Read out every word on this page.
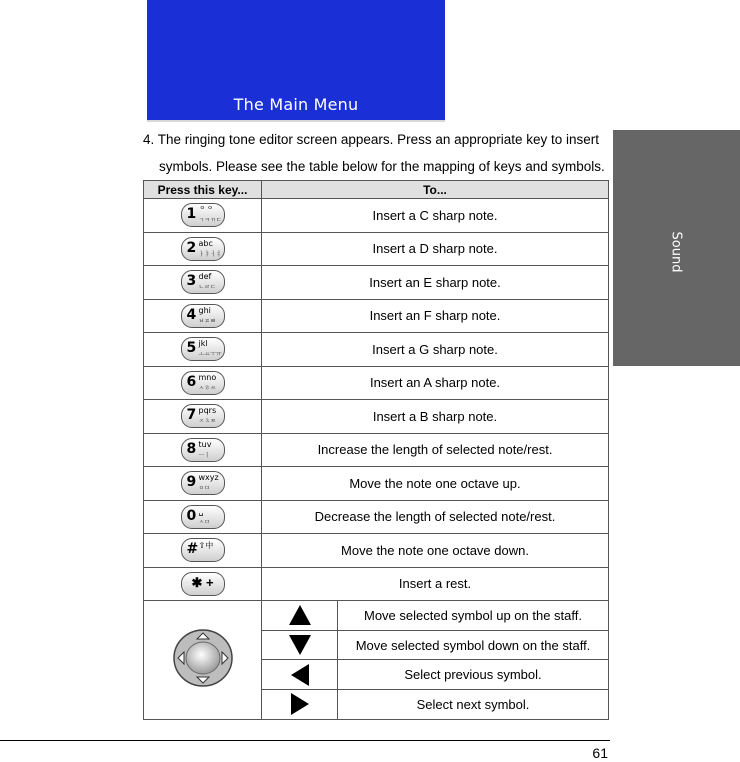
The Main Menu
Sound
4. The ringing tone editor screen appears. Press an appropriate key to insert
symbols. Please see the table below for the mapping of keys and symbols.
Press this key...	To...	

1 ᄋᄋ
ㄱㅋㄲㄷ	Insert a C sharp note.	

2 abc
ㅏㅑㅓㅕ	Insert a D sharp note.	

3 def
ㄴㄹㄷ	Insert an E sharp note.	

4 ghi
ㅂㅍㅃ	Insert an F sharp note.	

5 jkl
ㅗㅛㅜㅠ	Insert a G sharp note.	

6 mno
ㅅㅎㅆ	Insert an A sharp note.	

7 pqrs
ㅈㅊㅉ	Insert a B sharp note.	

8 tuv
ㅡㅣ	Increase the length of selected note/rest.	

9 wxyz
ㅇㅁ	Move the note one octave up.	

0 ␣
ㅅㅁ	Decrease the length of selected note/rest.	

# ⇧中	Move the note one octave down.	

✱ +	Insert a rest.	
		Move selected symbol up on the staff.
		Move selected symbol down on the staff.
		Select previous symbol.
		Select next symbol.
61
